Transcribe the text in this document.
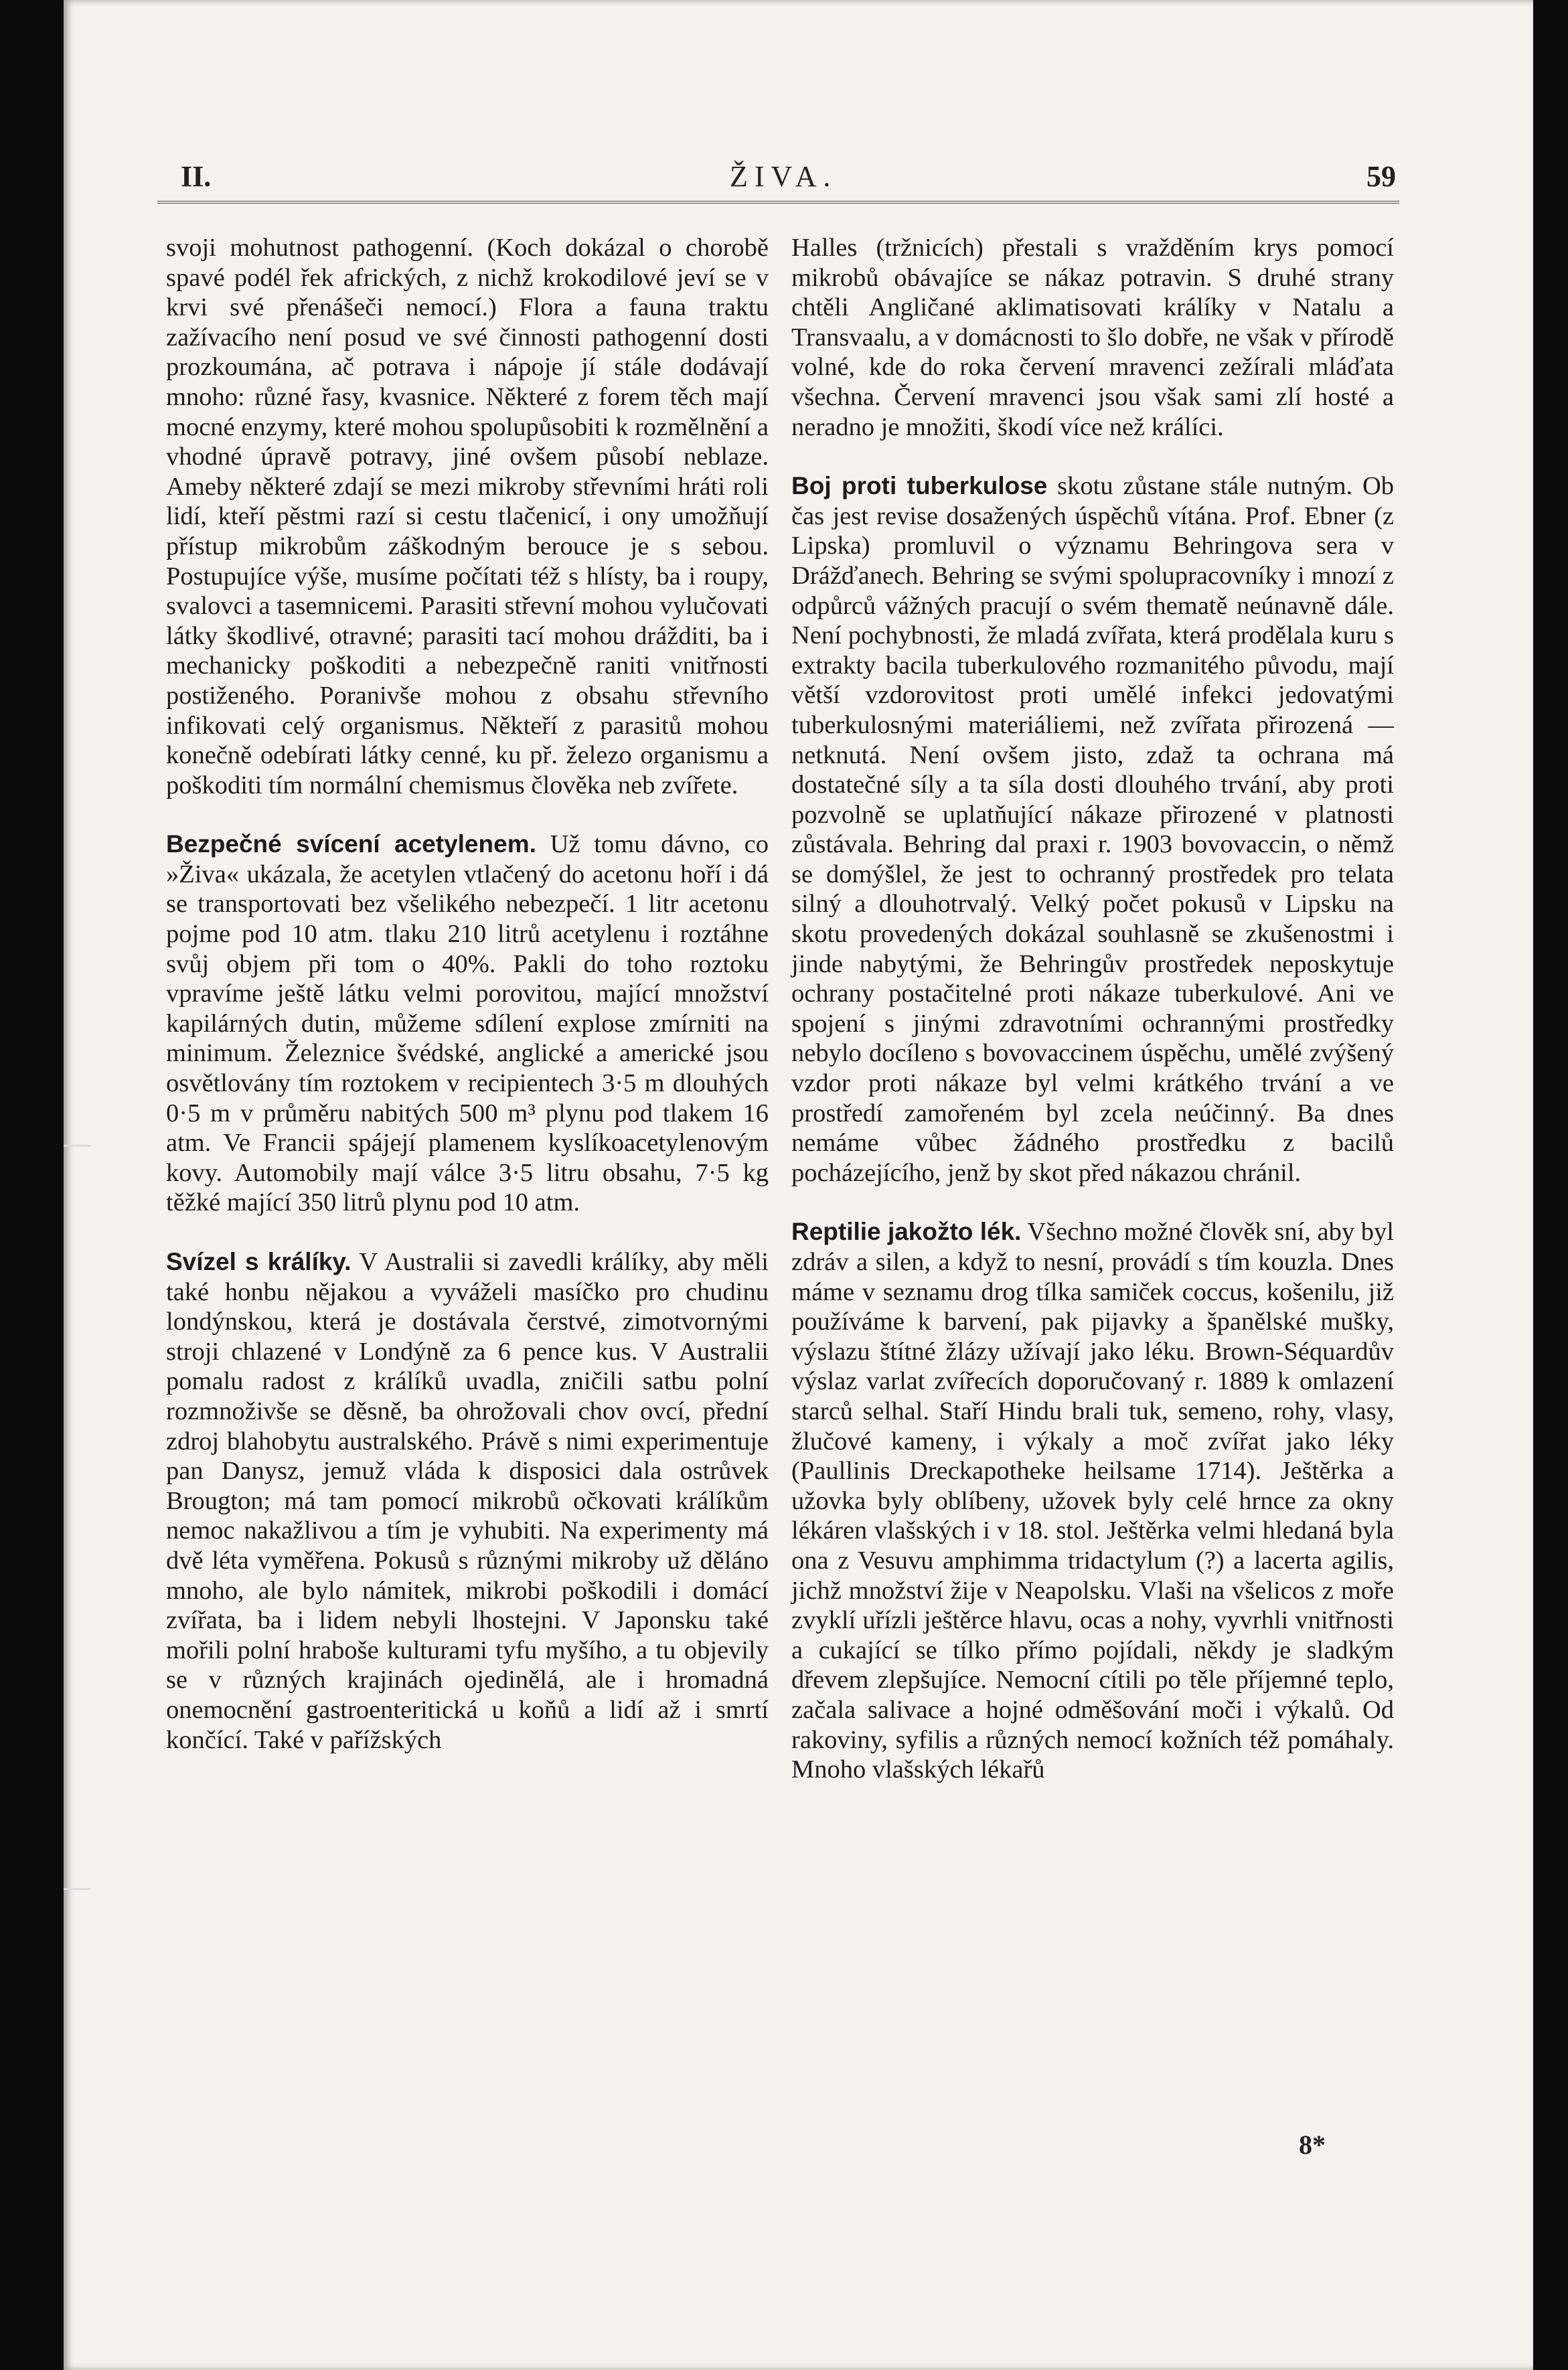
II.	ŽIVA.	59

svoji mohutnost pathogenní. (Koch dokázal o chorobě spavé podél řek afrických, z nichž krokodilové jeví se v krvi své přenášeči nemocí.) Flora a fauna traktu zažívacího není posud ve své činnosti pathogenní dosti prozkoumána, ač potrava i nápoje jí stále dodávají mnoho: různé řasy, kvasnice. Některé z forem těch mají mocné enzymy, které mohou spolupůsobiti k rozmělnění a vhodné úpravě potravy, jiné ovšem působí neblaze. Ameby některé zdají se mezi mikroby střevními hráti roli lidí, kteří pěstmi razí si cestu tlačenicí, i ony umožňují přístup mikrobům záškodným berouce je s sebou. Postupujíce výše, musíme počítati též s hlísty, ba i roupy, svalovci a tasemnicemi. Parasiti střevní mohou vylučovati látky škodlivé, otravné; parasiti tací mohou drážditi, ba i mechanicky poškoditi a nebezpečně raniti vnitřnosti postiženého. Poranivše mohou z obsahu střevního infikovati celý organismus. Někteří z parasitů mohou konečně odebírati látky cenné, ku př. železo organismu a poškoditi tím normální chemismus člověka neb zvířete.

Bezpečné svícení acetylenem. Už tomu dávno, co »Živa« ukázala, že acetylen vtlačený do acetonu hoří i dá se transportovati bez všelikého nebezpečí. 1 litr acetonu pojme pod 10 atm. tlaku 210 litrů acetylenu i roztáhne svůj objem při tom o 40%. Pakli do toho roztoku vpravíme ještě látku velmi porovitou, mající množství kapilárných dutin, můžeme sdílení explose zmírniti na minimum. Železnice švédské, anglické a americké jsou osvětlovány tím roztokem v recipientech 3·5 m dlouhých 0·5 m v průměru nabitých 500 m³ plynu pod tlakem 16 atm. Ve Francii spájejí plamenem kyslíkoacetylenovým kovy. Automobily mají válce 3·5 litru obsahu, 7·5 kg těžké mající 350 litrů plynu pod 10 atm.

Svízel s králíky. V Australii si zavedli králíky, aby měli také honbu nějakou a vyváželi masíčko pro chudinu londýnskou, která je dostávala čerstvé, zimotvornými stroji chlazené v Londýně za 6 pence kus. V Australii pomalu radost z králíků uvadla, zničili satbu polní rozmnoživše se děsně, ba ohrožovali chov ovcí, přední zdroj blahobytu australského. Právě s nimi experimentuje pan Danysz, jemuž vláda k disposici dala ostrůvek Brougton; má tam pomocí mikrobů očkovati králíkům nemoc nakažlivou a tím je vyhubiti. Na experimenty má dvě léta vyměřena. Pokusů s různými mikroby už děláno mnoho, ale bylo námitek, mikrobi poškodili i domácí zvířata, ba i lidem nebyli lhostejni. V Japonsku také mořili polní hraboše kulturami tyfu myšího, a tu objevily se v různých krajinách ojedinělá, ale i hromadná onemocnění gastroenteritická u koňů a lidí až i smrtí končící. Také v pařížských

Halles (tržnicích) přestali s vražděním krys pomocí mikrobů obávajíce se nákaz potravin. S druhé strany chtěli Angličané aklimatisovati králíky v Natalu a Transvaalu, a v domácnosti to šlo dobře, ne však v přírodě volné, kde do roka červení mravenci zežírali mláďata všechna. Červení mravenci jsou však sami zlí hosté a neradno je množiti, škodí více než králíci.

Boj proti tuberkulose skotu zůstane stále nutným. Ob čas jest revise dosažených úspěchů vítána. Prof. Ebner (z Lipska) promluvil o významu Behringova sera v Drážďanech. Behring se svými spolupracovníky i mnozí z odpůrců vážných pracují o svém thematě neúnavně dále. Není pochybnosti, že mladá zvířata, která prodělala kuru s extrakty bacila tuberkulového rozmanitého původu, mají větší vzdorovitost proti umělé infekci jedovatými tuberkulosnými materiáliemi, než zvířata přirozená — netknutá. Není ovšem jisto, zdaž ta ochrana má dostatečné síly a ta síla dosti dlouhého trvání, aby proti pozvolně se uplatňující nákaze přirozené v platnosti zůstávala. Behring dal praxi r. 1903 bovovaccin, o němž se domýšlel, že jest to ochranný prostředek pro telata silný a dlouhotrvalý. Velký počet pokusů v Lipsku na skotu provedených dokázal souhlasně se zkušenostmi i jinde nabytými, že Behringův prostředek neposkytuje ochrany postačitelné proti nákaze tuberkulové. Ani ve spojení s jinými zdravotními ochrannými prostředky nebylo docíleno s bovovaccinem úspěchu, umělé zvýšený vzdor proti nákaze byl velmi krátkého trvání a ve prostředí zamořeném byl zcela neúčinný. Ba dnes nemáme vůbec žádného prostředku z bacilů pocházejícího, jenž by skot před nákazou chránil.

Reptilie jakožto lék. Všechno možné člověk sní, aby byl zdráv a silen, a když to nesní, provádí s tím kouzla. Dnes máme v seznamu drog tílka samiček coccus, košenilu, již používáme k barvení, pak pijavky a španělské mušky, výslazu štítné žlázy užívají jako léku. Brown-Séquardův výslaz varlat zvířecích doporučovaný r. 1889 k omlazení starců selhal. Staří Hindu brali tuk, semeno, rohy, vlasy, žlučové kameny, i výkaly a moč zvířat jako léky (Paullinis Dreckapotheke heilsame 1714). Ještěrka a užovka byly oblíbeny, užovek byly celé hrnce za okny lékáren vlašských i v 18. stol. Ještěrka velmi hledaná byla ona z Vesuvu amphimma tridactylum (?) a lacerta agilis, jichž množství žije v Neapolsku. Vlaši na všelicos z moře zvyklí uřízli ještěrce hlavu, ocas a nohy, vyvrhli vnitřnosti a cukající se tílko přímo pojídali, někdy je sladkým dřevem zlepšujíce. Nemocní cítili po těle příjemné teplo, začala salivace a hojné odměšování moči i výkalů. Od rakoviny, syfilis a různých nemocí kožních též pomáhaly. Mnoho vlašských lékařů

8*
